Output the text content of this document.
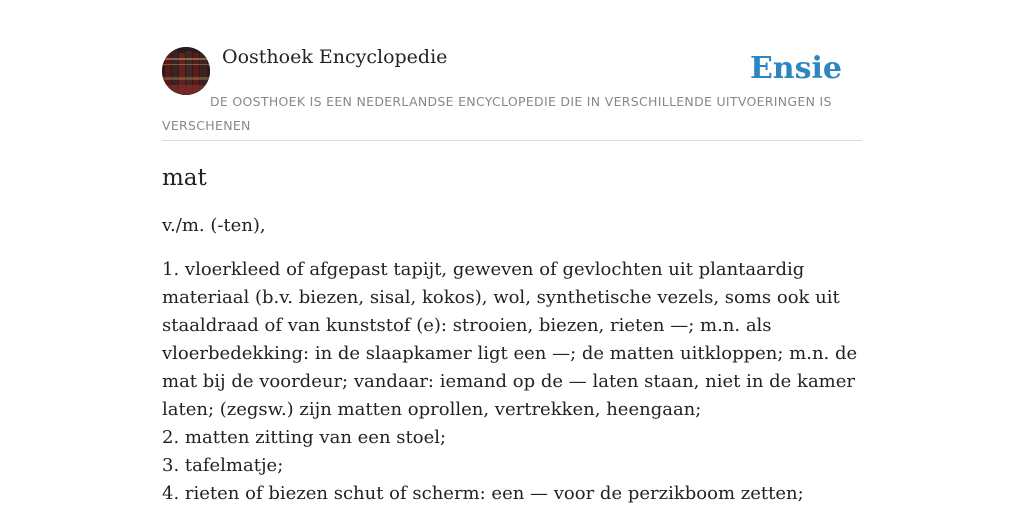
Oosthoek Encyclopedie	Ensie

DE OOSTHOEK IS EEN NEDERLANDSE ENCYCLOPEDIE DIE IN VERSCHILLENDE UITVOERINGEN IS VERSCHENEN

mat

v./m. (-ten),

1. vloerkleed of afgepast tapijt, geweven of gevlochten uit plantaardig materiaal (b.v. biezen, sisal, kokos), wol, synthetische vezels, soms ook uit staaldraad of van kunststof (e): strooien, biezen, rieten —; m.n. als vloerbedekking: in de slaapkamer ligt een —; de matten uitkloppen; m.n. de mat bij de voordeur; vandaar: iemand op de — laten staan, niet in de kamer laten; (zegsw.) zijn matten oprollen, vertrekken, heengaan;
2. matten zitting van een stoel;
3. tafelmatje;
4. rieten of biezen schut of scherm: een — voor de perzikboom zetten;
